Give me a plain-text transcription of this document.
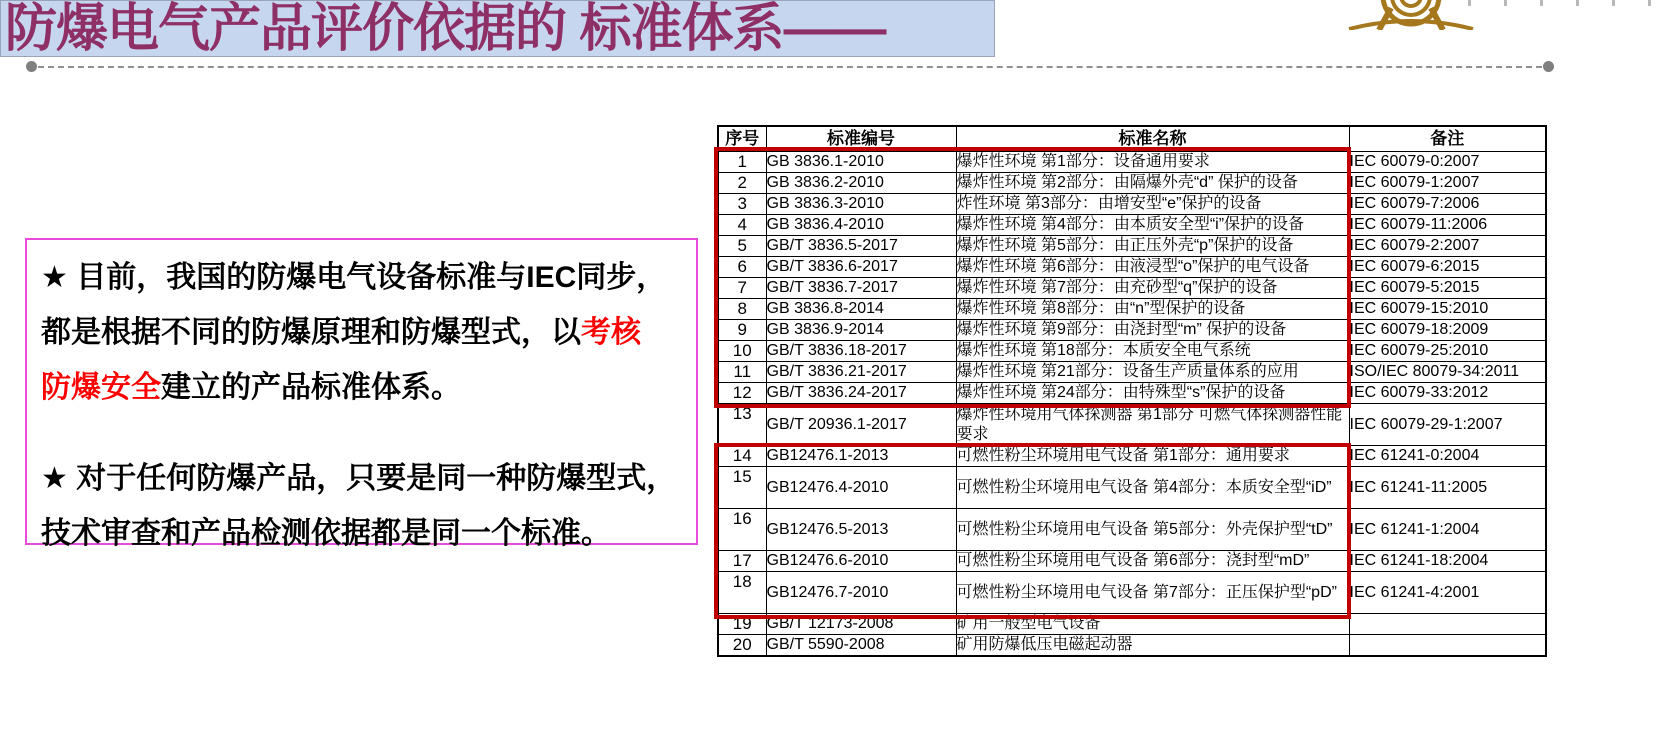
防爆电气产品评价依据的 标准体系——
★ 目前，我国的防爆电气设备标准与IEC同步，
都是根据不同的防爆原理和防爆型式，以考核
防爆安全建立的产品标准体系。
★ 对于任何防爆产品，只要是同一种防爆型式，
技术审查和产品检测依据都是同一个标准。
序号	标准编号	标准名称	备注
1	GB 3836.1-2010	爆炸性环境 第1部分：设备通用要求	IEC 60079-0:2007
2	GB 3836.2-2010	爆炸性环境 第2部分：由隔爆外壳“d” 保护的设备	IEC 60079-1:2007
3	GB 3836.3-2010	炸性环境 第3部分：由增安型“e”保护的设备	IEC 60079-7:2006
4	GB 3836.4-2010	爆炸性环境 第4部分：由本质安全型“i”保护的设备	IEC 60079-11:2006
5	GB/T 3836.5-2017	爆炸性环境 第5部分：由正压外壳“p”保护的设备	IEC 60079-2:2007
6	GB/T 3836.6-2017	爆炸性环境 第6部分：由液浸型“o”保护的电气设备	IEC 60079-6:2015
7	GB/T 3836.7-2017	爆炸性环境 第7部分：由充砂型“q”保护的设备	IEC 60079-5:2015
8	GB 3836.8-2014	爆炸性环境 第8部分：由“n”型保护的设备	IEC 60079-15:2010
9	GB 3836.9-2014	爆炸性环境 第9部分：由浇封型“m” 保护的设备	IEC 60079-18:2009
10	GB/T 3836.18-2017	爆炸性环境 第18部分：本质安全电气系统	IEC 60079-25:2010
11	GB/T 3836.21-2017	爆炸性环境 第21部分：设备生产质量体系的应用	ISO/IEC 80079-34:2011
12	GB/T 3836.24-2017	爆炸性环境 第24部分：由特殊型“s”保护的设备	IEC 60079-33:2012
13	GB/T 20936.1-2017	爆炸性环境用气体探测器 第1部分 可燃气体探测器性能要求	IEC 60079-29-1:2007
14	GB12476.1-2013	可燃性粉尘环境用电气设备 第1部分：通用要求	IEC 61241-0:2004
15	GB12476.4-2010	可燃性粉尘环境用电气设备 第4部分：本质安全型“iD”	IEC 61241-11:2005
16	GB12476.5-2013	可燃性粉尘环境用电气设备 第5部分：外壳保护型“tD”	IEC 61241-1:2004
17	GB12476.6-2010	可燃性粉尘环境用电气设备 第6部分：浇封型“mD”	IEC 61241-18:2004
18	GB12476.7-2010	可燃性粉尘环境用电气设备 第7部分：正压保护型“pD”	IEC 61241-4:2001
19	GB/T 12173-2008	矿用一般型电气设备	
20	GB/T 5590-2008	矿用防爆低压电磁起动器	
